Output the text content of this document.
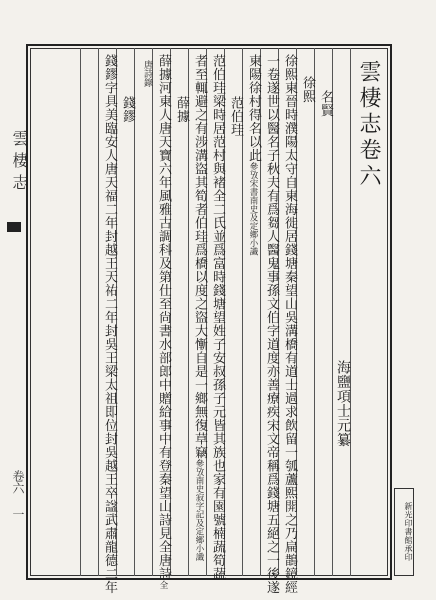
雲棲志
卷六 一
雲棲志卷六
海鹽項士元纂
名賢
徐熙
徐熙東晉時濮陽太守自東海徙居錢塘秦望山吳溝橋有道士過求飲留一瓠蘆熙開之乃扁鵲鏡經
一卷遂世以醫名子秋夫有爲芻人醫鬼事孫文伯字道度亦善療疾宋文帝稱爲錢塘五絕之一後遂
東陽徐村得名以此參攷宋書南史及定鄉小識
范伯珪
范伯珪梁時居范村與褚全二氏並爲富時錢塘望姓子安叔孫子元皆其族也家有園號楠蔬筍蔬
者至輒避之有涉溝盜其筍者伯珪爲橋以度之盜大慚自是一鄉無復草竊參攷南史寂字記及定鄉小識
薛據
薛據河東人唐天寶六年風雅古調科及第仕至尙書水部郎中贈給事中有登秦望山詩見全唐詩全
唐詩錄
錢鏐
錢鏐字具美臨安人唐天福二年封越王天祐二年封吳王梁太祖即位封吳越王卒諡武肅龍德二年	新光印書館承印
